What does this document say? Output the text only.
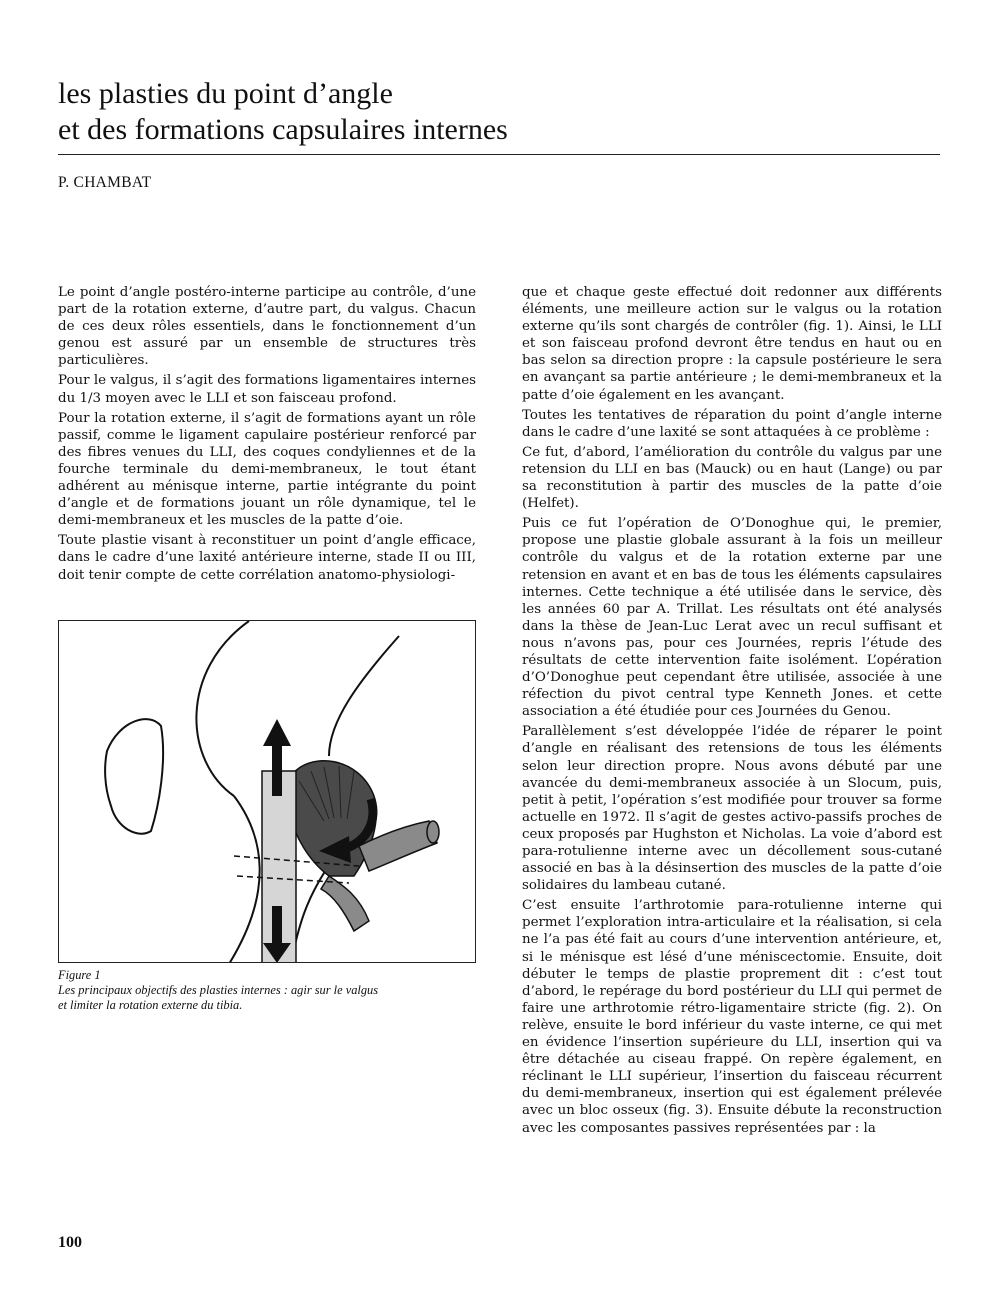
les plasties du point d’angle
et des formations capsulaires internes

P. CHAMBAT

Le point d’angle postéro-interne participe au contrôle, d’une part de la rotation externe, d’autre part, du valgus. Chacun de ces deux rôles essentiels, dans le fonctionnement d’un genou est assuré par un ensemble de structures très particulières.

Pour le valgus, il s’agit des formations ligamentaires internes du 1/3 moyen avec le LLI et son faisceau profond.

Pour la rotation externe, il s’agit de formations ayant un rôle passif, comme le ligament capulaire postérieur renforcé par des fibres venues du LLI, des coques condyliennes et de la fourche terminale du demi-membraneux, le tout étant adhérent au ménisque interne, partie intégrante du point d’angle et de formations jouant un rôle dynamique, tel le demi-membraneux et les muscles de la patte d’oie.

Toute plastie visant à reconstituer un point d’angle efficace, dans le cadre d’une laxité antérieure interne, stade II ou III, doit tenir compte de cette corrélation anatomo-physiologi-

Figure 1
Les principaux objectifs des plasties internes : agir sur le valgus
et limiter la rotation externe du tibia.

que et chaque geste effectué doit redonner aux différents éléments, une meilleure action sur le valgus ou la rotation externe qu’ils sont chargés de contrôler (fig. 1). Ainsi, le LLI et son faisceau profond devront être tendus en haut ou en bas selon sa direction propre : la capsule postérieure le sera en avançant sa partie antérieure ; le demi-membraneux et la patte d’oie également en les avançant.

Toutes les tentatives de réparation du point d’angle interne dans le cadre d’une laxité se sont attaquées à ce problème :

Ce fut, d’abord, l’amélioration du contrôle du valgus par une retension du LLI en bas (Mauck) ou en haut (Lange) ou par sa reconstitution à partir des muscles de la patte d’oie (Helfet).

Puis ce fut l’opération de O’Donoghue qui, le premier, propose une plastie globale assurant à la fois un meilleur contrôle du valgus et de la rotation externe par une retension en avant et en bas de tous les éléments capsulaires internes. Cette technique a été utilisée dans le service, dès les années 60 par A. Trillat. Les résultats ont été analysés dans la thèse de Jean-Luc Lerat avec un recul suffisant et nous n’avons pas, pour ces Journées, repris l’étude des résultats de cette intervention faite isolément. L’opération d’O’Donoghue peut cependant être utilisée, associée à une réfection du pivot central type Kenneth Jones. et cette association a été étudiée pour ces Journées du Genou.

Parallèlement s’est développée l’idée de réparer le point d’angle en réalisant des retensions de tous les éléments selon leur direction propre. Nous avons débuté par une avancée du demi-membraneux associée à un Slocum, puis, petit à petit, l’opération s’est modifiée pour trouver sa forme actuelle en 1972. Il s’agit de gestes activo-passifs proches de ceux proposés par Hughston et Nicholas. La voie d’abord est para-rotulienne interne avec un décollement sous-cutané associé en bas à la désinsertion des muscles de la patte d’oie solidaires du lambeau cutané.

C’est ensuite l’arthrotomie para-rotulienne interne qui permet l’exploration intra-articulaire et la réalisation, si cela ne l’a pas été fait au cours d’une intervention antérieure, et, si le ménisque est lésé d’une méniscectomie. Ensuite, doit débuter le temps de plastie proprement dit : c’est tout d’abord, le repérage du bord postérieur du LLI qui permet de faire une arthrotomie rétro-ligamentaire stricte (fig. 2). On relève, ensuite le bord inférieur du vaste interne, ce qui met en évidence l’insertion supérieure du LLI, insertion qui va être détachée au ciseau frappé. On repère également, en réclinant le LLI supérieur, l’insertion du faisceau récurrent du demi-membraneux, insertion qui est également prélevée avec un bloc osseux (fig. 3). Ensuite débute la reconstruction avec les composantes passives représentées par : la

100
